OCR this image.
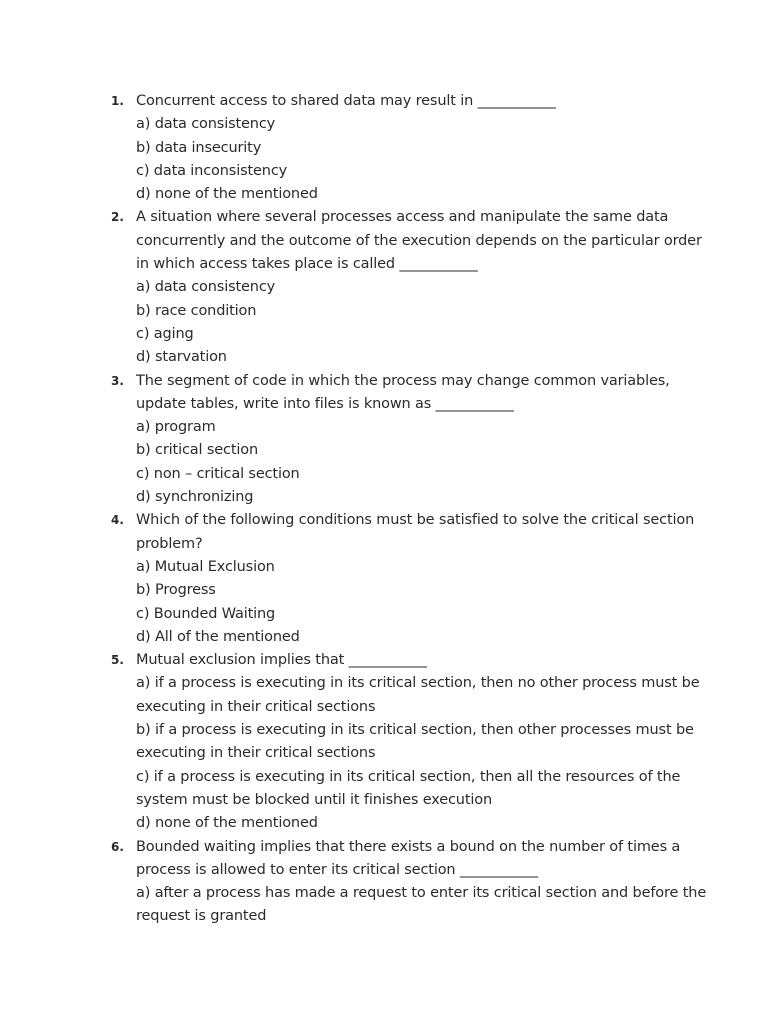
1. Concurrent access to shared data may result in ___________
a) data consistency
b) data insecurity
c) data inconsistency
d) none of the mentioned
2. A situation where several processes access and manipulate the same data
concurrently and the outcome of the execution depends on the particular order
in which access takes place is called ___________
a) data consistency
b) race condition
c) aging
d) starvation
3. The segment of code in which the process may change common variables,
update tables, write into files is known as ___________
a) program
b) critical section
c) non – critical section
d) synchronizing
4. Which of the following conditions must be satisfied to solve the critical section
problem?
a) Mutual Exclusion
b) Progress
c) Bounded Waiting
d) All of the mentioned
5. Mutual exclusion implies that ___________
a) if a process is executing in its critical section, then no other process must be
executing in their critical sections
b) if a process is executing in its critical section, then other processes must be
executing in their critical sections
c) if a process is executing in its critical section, then all the resources of the
system must be blocked until it finishes execution
d) none of the mentioned
6. Bounded waiting implies that there exists a bound on the number of times a
process is allowed to enter its critical section ___________
a) after a process has made a request to enter its critical section and before the
request is granted
